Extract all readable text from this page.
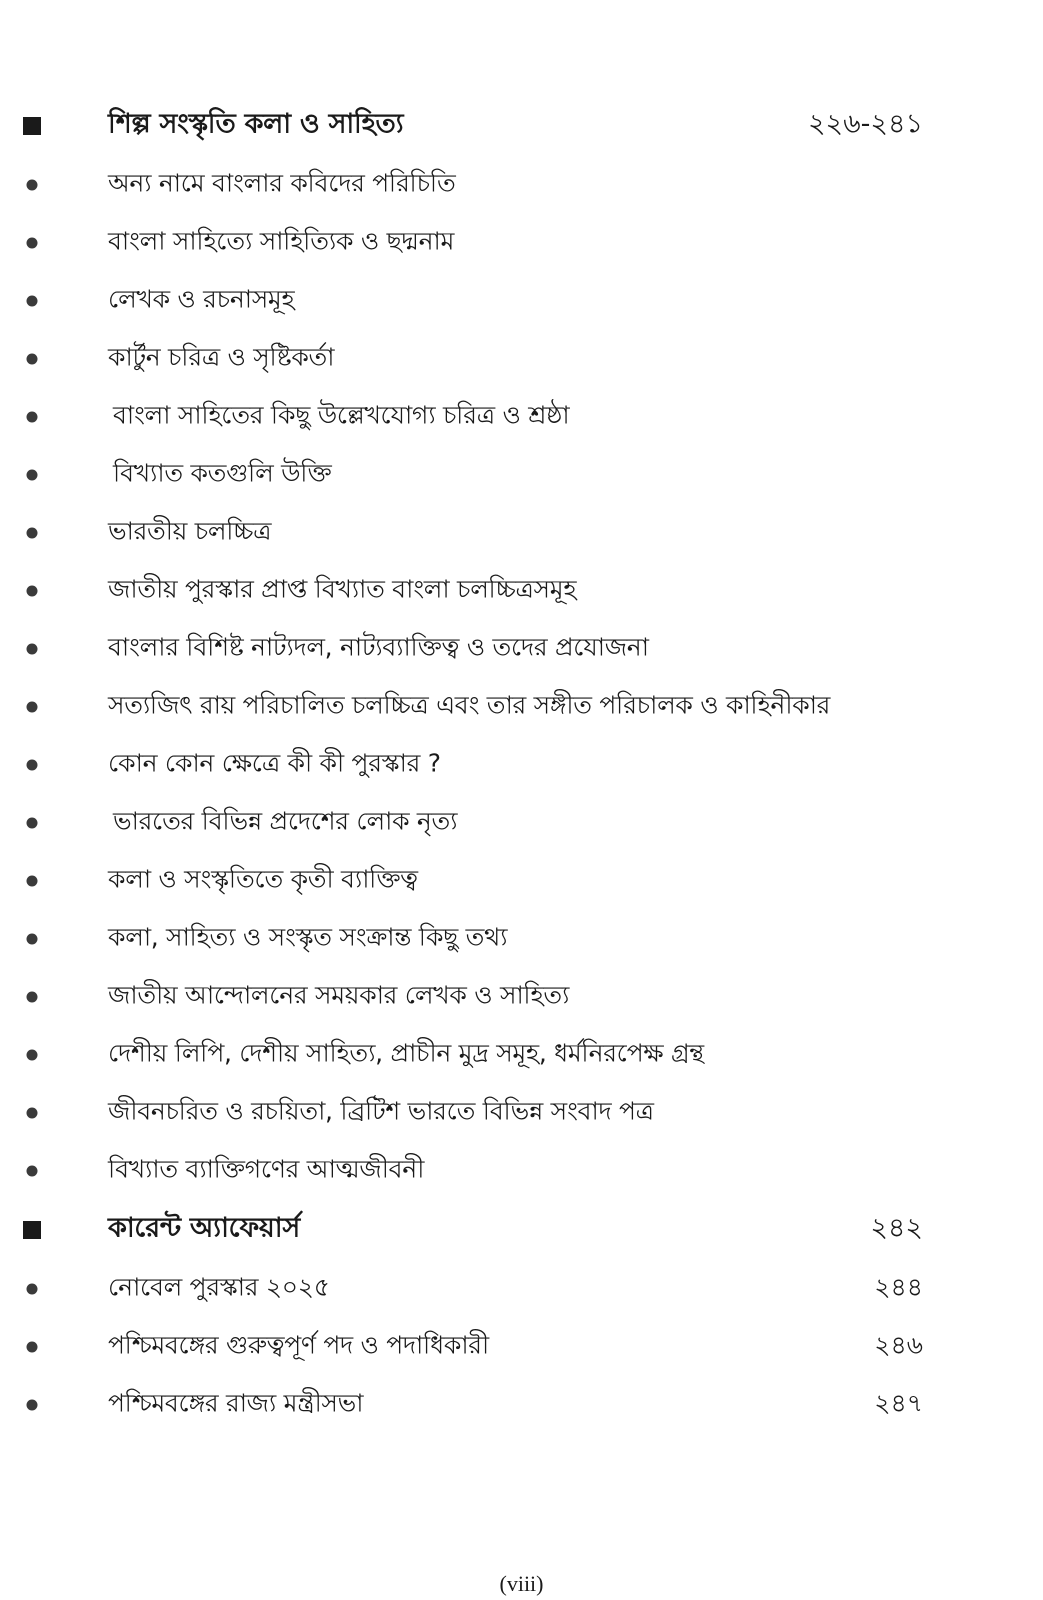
শিল্প সংস্কৃতি কলা ও সাহিত্য	২২৬-২৪১
অন্য নামে বাংলার কবিদের পরিচিতি
বাংলা সাহিত্যে সাহিত্যিক ও ছদ্মনাম
লেখক ও রচনাসমূহ
কার্টুন চরিত্র ও সৃষ্টিকর্তা
বাংলা সাহিতের কিছু উল্লেখযোগ্য চরিত্র ও শ্রষ্ঠা
বিখ্যাত কতগুলি উক্তি
ভারতীয় চলচ্চিত্র
জাতীয় পুরস্কার প্রাপ্ত বিখ্যাত বাংলা চলচ্চিত্রসমূহ
বাংলার বিশিষ্ট নাট্যদল, নাট্যব্যাক্তিত্ব ও তদের প্রযোজনা
সত্যজিৎ রায় পরিচালিত চলচ্চিত্র এবং তার সঙ্গীত পরিচালক ও কাহিনীকার
কোন কোন ক্ষেত্রে কী কী পুরস্কার ?
ভারতের বিভিন্ন প্রদেশের লোক নৃত্য
কলা ও সংস্কৃতিতে কৃতী ব্যাক্তিত্ব
কলা, সাহিত্য ও সংস্কৃত সংক্রান্ত কিছু তথ্য
জাতীয় আন্দোলনের সময়কার লেখক ও সাহিত্য
দেশীয় লিপি, দেশীয় সাহিত্য, প্রাচীন মুদ্র সমূহ, ধর্মনিরপেক্ষ গ্রন্থ
জীবনচরিত ও রচয়িতা, ব্রিটিশ ভারতে বিভিন্ন সংবাদ পত্র
বিখ্যাত ব্যাক্তিগণের আত্মজীবনী
কারেন্ট অ্যাফেয়ার্স	২৪২
নোবেল পুরস্কার ২০২৫	২৪৪
পশ্চিমবঙ্গের গুরুত্বপূর্ণ পদ ও পদাধিকারী	২৪৬
পশ্চিমবঙ্গের রাজ্য মন্ত্রীসভা	২৪৭
(viii)
